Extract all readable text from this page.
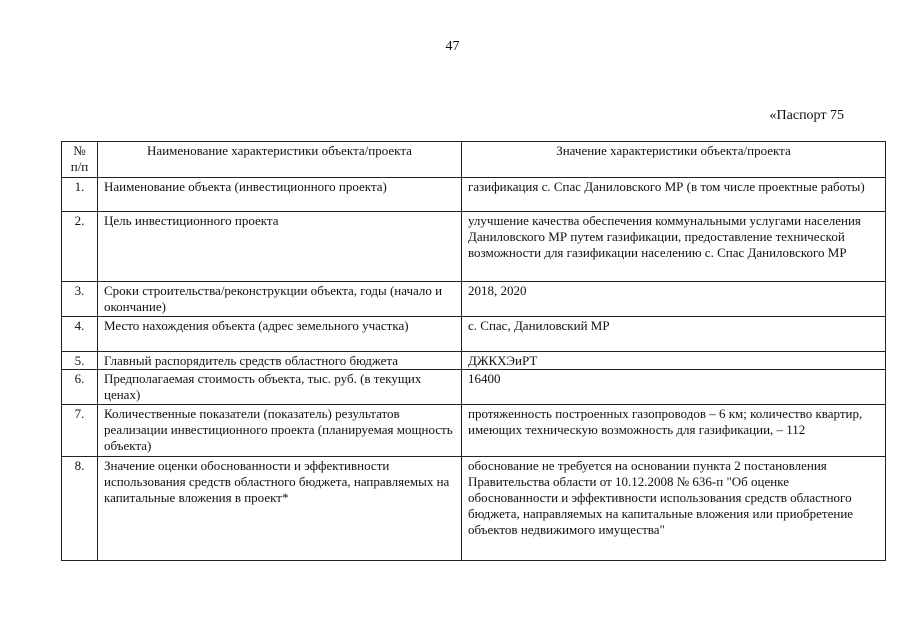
47
«Паспорт 75
№ п/п	Наименование характеристики объекта/проекта	Значение характеристики объекта/проекта
1.	Наименование объекта (инвестиционного проекта)	газификация с. Спас Даниловского МР (в том числе проектные работы)
2.	Цель инвестиционного проекта	улучшение качества обеспечения коммунальными услугами населения Даниловского МР путем газификации, предоставление технической возможности для газификации населению с. Спас Даниловского МР
3.	Сроки строительства/реконструкции объекта, годы (начало и окончание)	2018, 2020
4.	Место нахождения объекта (адрес земельного участка)	с. Спас, Даниловский МР
5.	Главный распорядитель средств областного бюджета	ДЖКХЭиРТ
6.	Предполагаемая стоимость объекта, тыс. руб. (в текущих ценах)	16400
7.	Количественные показатели (показатель) результатов реализации инвестиционного проекта (планируемая мощность объекта)	протяженность построенных газопроводов – 6 км; количество квартир, имеющих техническую возможность для газификации, – 112
8.	Значение оценки обоснованности и эффективности использования средств областного бюджета, направляемых на капитальные вложения в проект*	обоснование не требуется на основании пункта 2 постановления Правительства области от 10.12.2008 № 636-п "Об оценке обоснованности и эффективности использования средств областного бюджета, направляемых на капитальные вложения или приобретение объектов недвижимого имущества"
